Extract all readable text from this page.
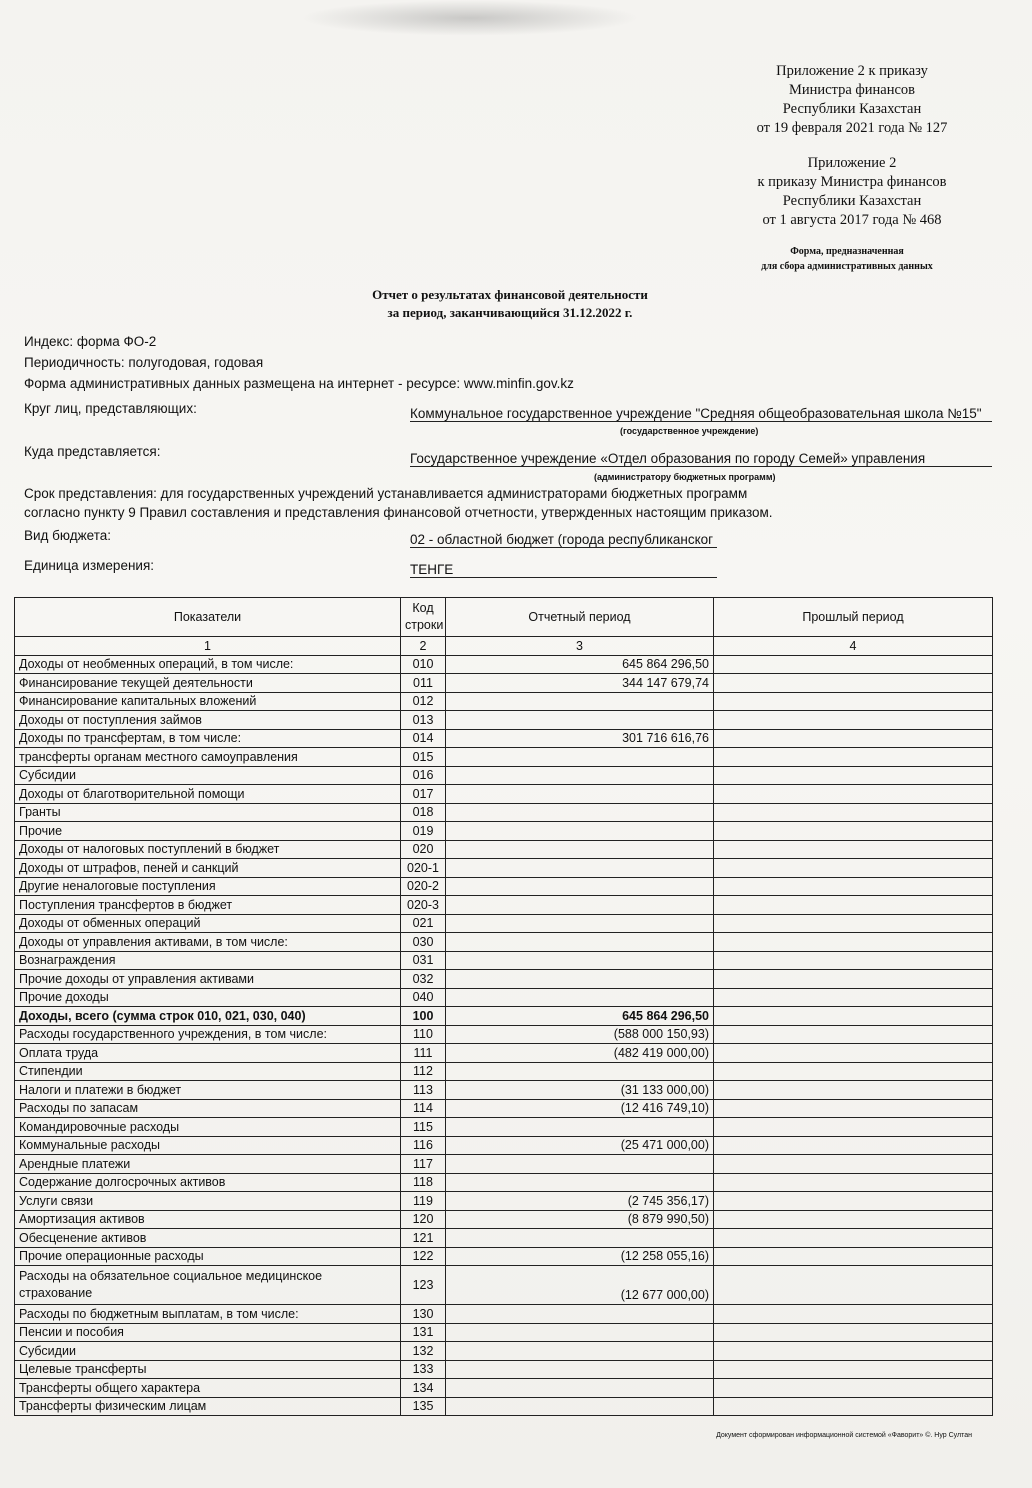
Приложение 2 к приказу
Министра финансов
Республики Казахстан
от 19 февраля 2021 года № 127
Приложение 2
к приказу Министра финансов
Республики Казахстан
от 1 августа 2017 года № 468
Форма, предназначенная
для сбора административных данных
Отчет о результатах финансовой деятельности
за период, заканчивающийся 31.12.2022 г.
Индекс: форма ФО-2
Периодичность: полугодовая, годовая
Форма административных данных размещена на интернет - ресурсе: www.minfin.gov.kz
Круг лиц, представляющих:	Коммунальное государственное учреждение "Средняя общеобразовательная школа №15"
(государственное учреждение)
Куда представляется:	Государственное учреждение «Отдел образования по городу Семей» управления
(администратору бюджетных программ)
Срок представления: для государственных учреждений устанавливается администраторами бюджетных программ
согласно пункту 9 Правил составления и представления финансовой отчетности, утвержденных настоящим приказом.
Вид бюджета:	02 - областной бюджет (города республиканског
Единица измерения:	ТЕНГЕ
Показатели	Код строки	Отчетный период	Прошлый период
1	2	3	4
Доходы от необменных операций, в том числе:	010	645 864 296,50	
Финансирование текущей деятельности	011	344 147 679,74	
Финансирование капитальных вложений	012		
Доходы от поступления займов	013		
Доходы по трансфертам, в том числе:	014	301 716 616,76	
трансферты органам местного самоуправления	015		
Субсидии	016		
Доходы от благотворительной помощи	017		
Гранты	018		
Прочие	019		
Доходы от налоговых поступлений в бюджет	020		
Доходы от штрафов, пеней и санкций	020-1		
Другие неналоговые поступления	020-2		
Поступления трансфертов в бюджет	020-3		
Доходы от обменных операций	021		
Доходы от управления активами, в том числе:	030		
Вознаграждения	031		
Прочие доходы от управления активами	032		
Прочие доходы	040		
Доходы, всего (сумма строк 010, 021, 030, 040)	100	645 864 296,50	
Расходы государственного учреждения, в том числе:	110	(588 000 150,93)	
Оплата труда	111	(482 419 000,00)	
Стипендии	112		
Налоги и платежи в бюджет	113	(31 133 000,00)	
Расходы по запасам	114	(12 416 749,10)	
Командировочные расходы	115		
Коммунальные расходы	116	(25 471 000,00)	
Арендные платежи	117		
Содержание долгосрочных активов	118		
Услуги связи	119	(2 745 356,17)	
Амортизация активов	120	(8 879 990,50)	
Обесценение активов	121		
Прочие операционные расходы	122	(12 258 055,16)	
Расходы на обязательное социальное медицинское страхование	123	(12 677 000,00)	
Расходы по бюджетным выплатам, в том числе:	130		
Пенсии и пособия	131		
Субсидии	132		
Целевые трансферты	133		
Трансферты общего характера	134		
Трансферты физическим лицам	135		
Документ сформирован информационной системой «Фаворит» ©. Нур Султан
